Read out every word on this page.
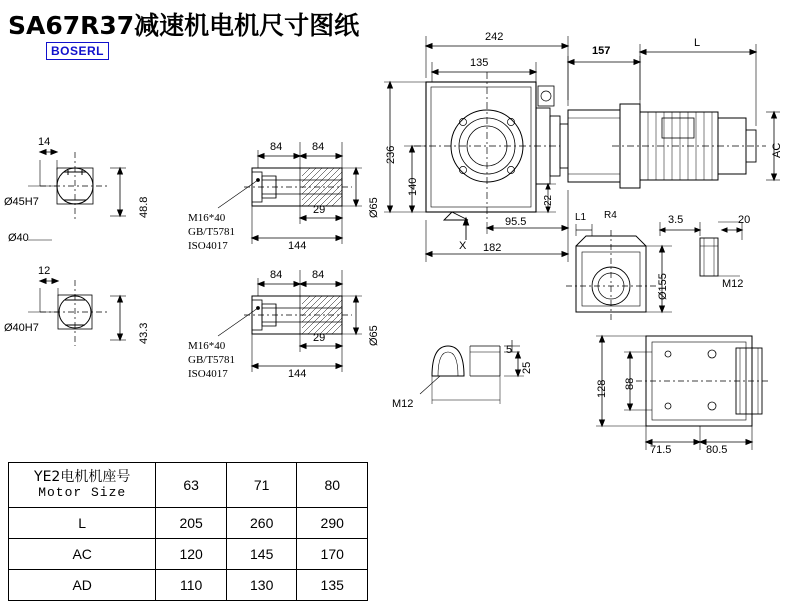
SA67R37减速机电机尺寸图纸
BOSERL
14
Ø45H7
Ø40
48.8
12
Ø40H7	43.3
84	84
29
144
Ø65
M16*40
GB/T5781
ISO4017
84	84
29
144
Ø65
M16*40
GB/T5781
ISO4017
242
135
157
L
236
140
22
AC
95.5
182
X
L1 R4	3.5	20
Ø155	M12
5
25
M12
128 88
71.5	80.5
YE2电机机座号
Motor Size	63	71	80
L	205	260	290
AC	120	145	170
AD	110	130	135
